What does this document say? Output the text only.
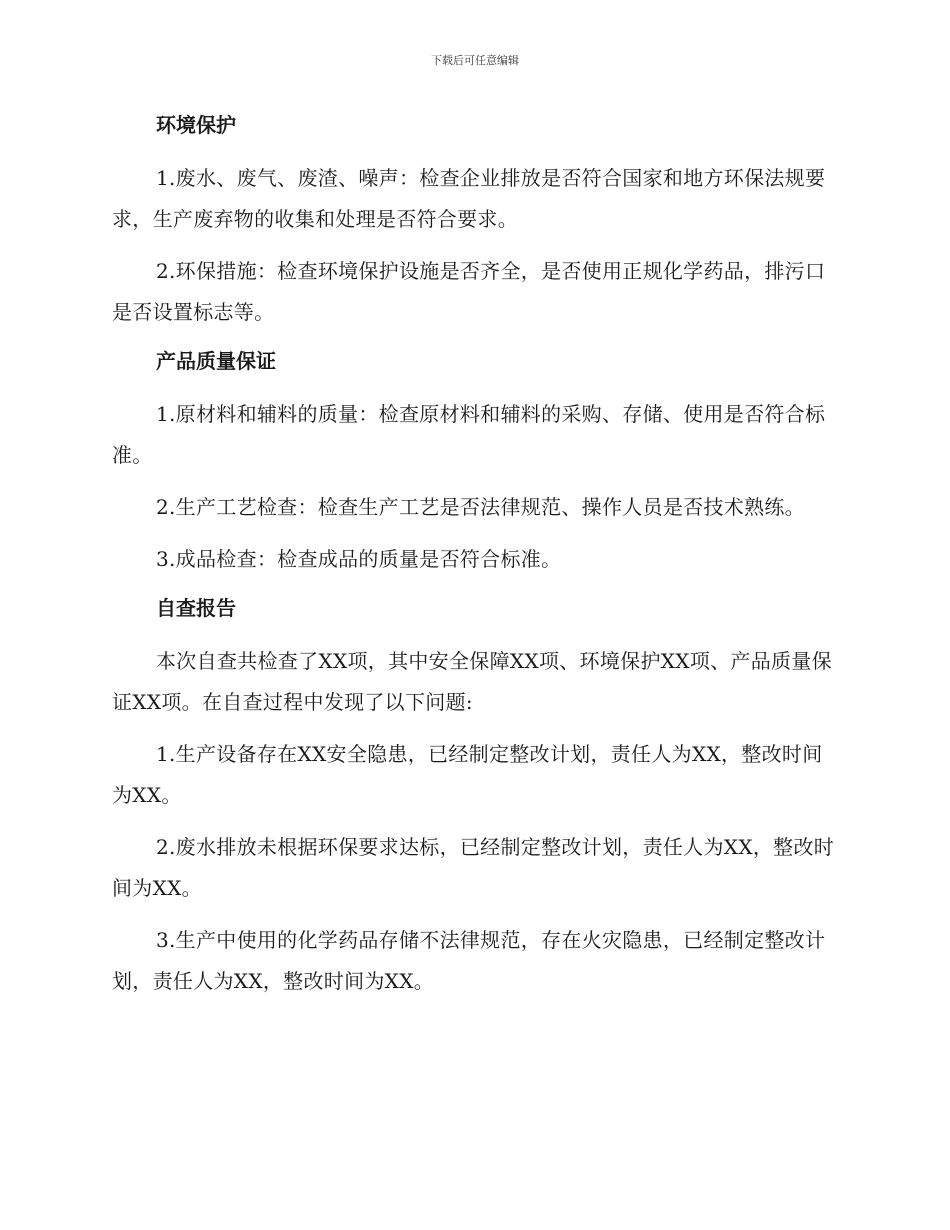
下载后可任意编辑
环境保护

1.废水、废气、废渣、噪声：检查企业排放是否符合国家和地方环保法规要求，生产废弃物的收集和处理是否符合要求。

2.环保措施：检查环境保护设施是否齐全，是否使用正规化学药品，排污口是否设置标志等。

产品质量保证

1.原材料和辅料的质量：检查原材料和辅料的采购、存储、使用是否符合标准。

2.生产工艺检查：检查生产工艺是否法律规范、操作人员是否技术熟练。

3.成品检查：检查成品的质量是否符合标准。

自查报告

本次自查共检查了XX项，其中安全保障XX项、环境保护XX项、产品质量保证XX项。在自查过程中发现了以下问题:

1.生产设备存在XX安全隐患，已经制定整改计划，责任人为XX，整改时间为XX。

2.废水排放未根据环保要求达标，已经制定整改计划，责任人为XX，整改时间为XX。

3.生产中使用的化学药品存储不法律规范，存在火灾隐患，已经制定整改计划，责任人为XX，整改时间为XX。
